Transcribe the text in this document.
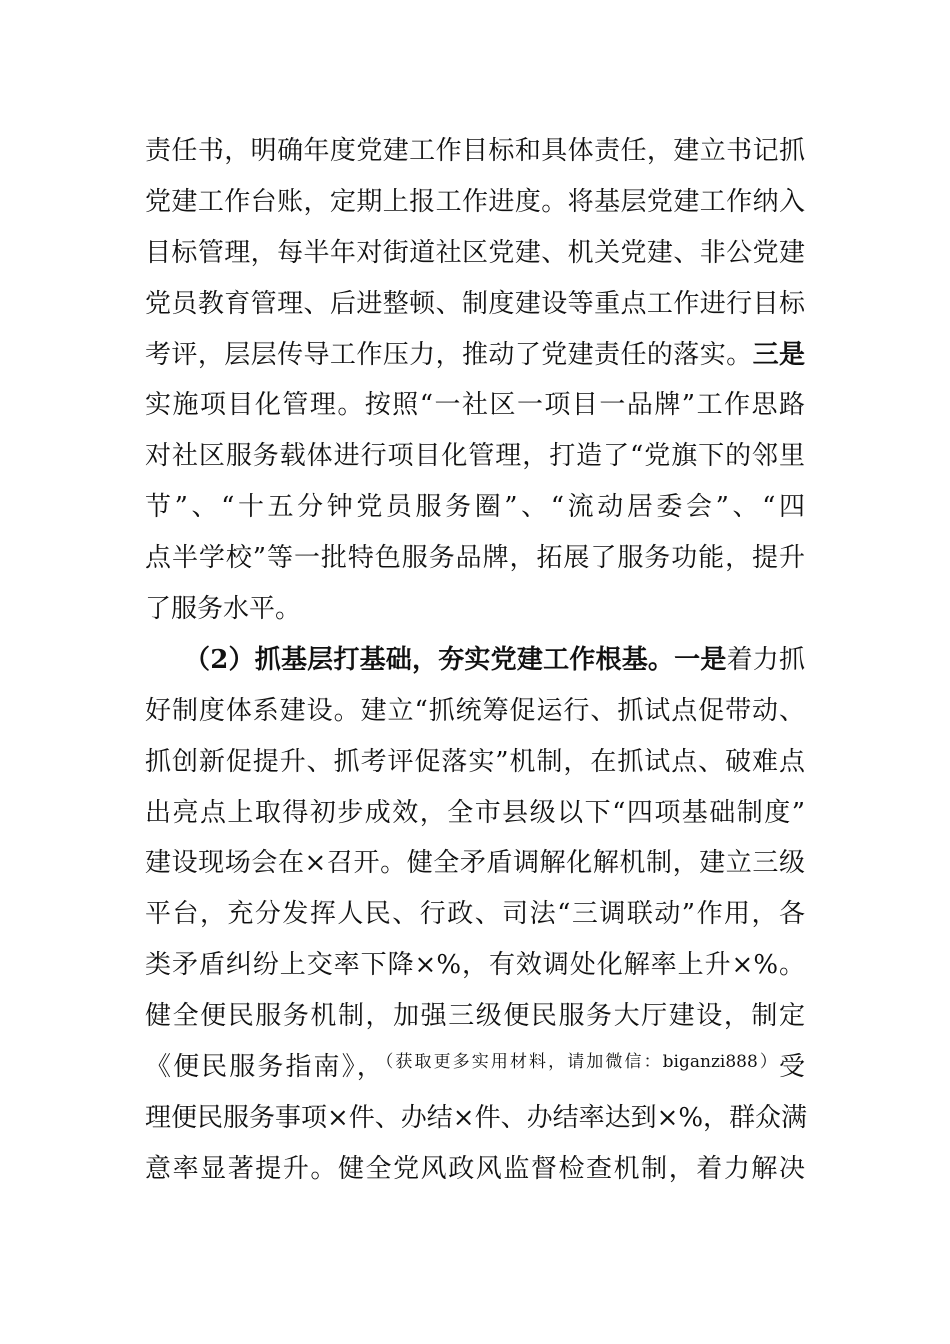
责任书，明确年度党建工作目标和具体责任，建立书记抓
党建工作台账，定期上报工作进度。将基层党建工作纳入
目标管理，每半年对街道社区党建、机关党建、非公党建
党员教育管理、后进整顿、制度建设等重点工作进行目标
考评，层层传导工作压力，推动了党建责任的落实。三是
实施项目化管理。按照“一社区一项目一品牌”工作思路
对社区服务载体进行项目化管理，打造了“党旗下的邻里
节”、“十五分钟党员服务圈”、“流动居委会”、“四
点半学校”等一批特色服务品牌，拓展了服务功能，提升
了服务水平。
（2）抓基层打基础，夯实党建工作根基。一是着力抓
好制度体系建设。建立“抓统筹促运行、抓试点促带动、
抓创新促提升、抓考评促落实”机制，在抓试点、破难点
出亮点上取得初步成效，全市县级以下“四项基础制度”
建设现场会在×召开。健全矛盾调解化解机制，建立三级
平台，充分发挥人民、行政、司法“三调联动”作用，各
类矛盾纠纷上交率下降×%，有效调处化解率上升×%。
健全便民服务机制，加强三级便民服务大厅建设，制定
《便民服务指南》，$^{(获取更多实用材料,请加微信:biganzi888)}$受
理便民服务事项×件、办结×件、办结率达到×%，群众满
意率显著提升。健全党风政风监督检查机制，着力解决
